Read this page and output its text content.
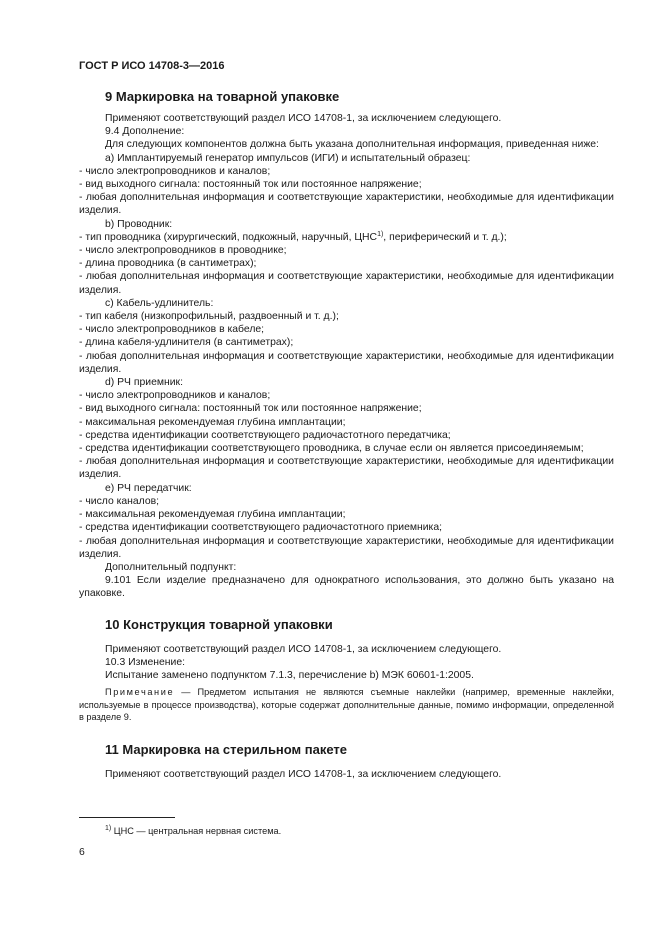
ГОСТ Р ИСО 14708-3—2016
9 Маркировка на товарной упаковке

Применяют соответствующий раздел ИСО 14708-1, за исключением следующего.

9.4 Дополнение:

Для следующих компонентов должна быть указана дополнительная информация, приведенная ниже:

a) Имплантируемый генератор импульсов (ИГИ) и испытательный образец:

- число электропроводников и каналов;

- вид выходного сигнала: постоянный ток или постоянное напряжение;

- любая дополнительная информация и соответствующие характеристики, необходимые для идентификации изделия.

b) Проводник:

- тип проводника (хирургический, подкожный, наручный, ЦНС$^{1)}$, периферический и т. д.);

- число электропроводников в проводнике;

- длина проводника (в сантиметрах);

- любая дополнительная информация и соответствующие характеристики, необходимые для идентификации изделия.

c) Кабель-удлинитель:

- тип кабеля (низкопрофильный, раздвоенный и т. д.);

- число электропроводников в кабеле;

- длина кабеля-удлинителя (в сантиметрах);

- любая дополнительная информация и соответствующие характеристики, необходимые для идентификации изделия.

d) РЧ приемник:

- число электропроводников и каналов;

- вид выходного сигнала: постоянный ток или постоянное напряжение;

- максимальная рекомендуемая глубина имплантации;

- средства идентификации соответствующего радиочастотного передатчика;

- средства идентификации соответствующего проводника, в случае если он является присоединяемым;

- любая дополнительная информация и соответствующие характеристики, необходимые для идентификации изделия.

e) РЧ передатчик:

- число каналов;

- максимальная рекомендуемая глубина имплантации;

- средства идентификации соответствующего радиочастотного приемника;

- любая дополнительная информация и соответствующие характеристики, необходимые для идентификации изделия.

Дополнительный подпункт:

9.101 Если изделие предназначено для однократного использования, это должно быть указано на упаковке.

10 Конструкция товарной упаковки

Применяют соответствующий раздел ИСО 14708-1, за исключением следующего.

10.3 Изменение:

Испытание заменено подпунктом 7.1.3, перечисление b) МЭК 60601-1:2005.

Примечание — Предметом испытания не являются съемные наклейки (например, временные наклейки, используемые в процессе производства), которые содержат дополнительные данные, помимо информации, определенной в разделе 9.

11 Маркировка на стерильном пакете

Применяют соответствующий раздел ИСО 14708-1, за исключением следующего.

$^{1)}$ ЦНС — центральная нервная система.
6
